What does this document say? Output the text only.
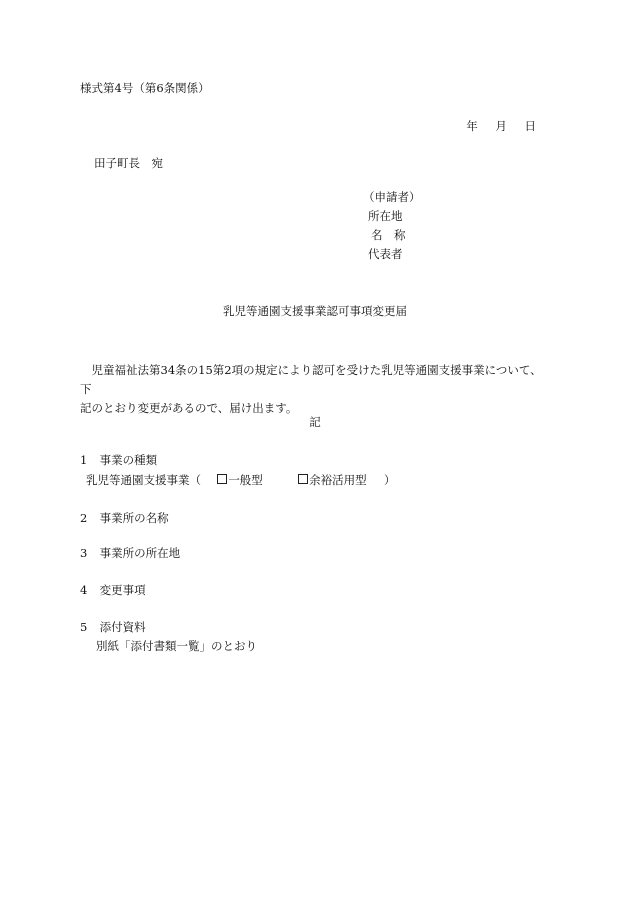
様式第4号（第6条関係）
年 月 日
田子町長　宛
（申請者）
所在地
名　称
代表者
乳児等通園支援事業認可事項変更届
　児童福祉法第34条の15第2項の規定により認可を受けた乳児等通園支援事業について、下
記のとおり変更があるので、届け出ます。
記
1 事業の種類
乳児等通園支援事業（ 一般型	余裕活用型 ）
2 事業所の名称
3 事業所の所在地
4 変更事項
5 添付資料
別紙「添付書類一覧」のとおり
